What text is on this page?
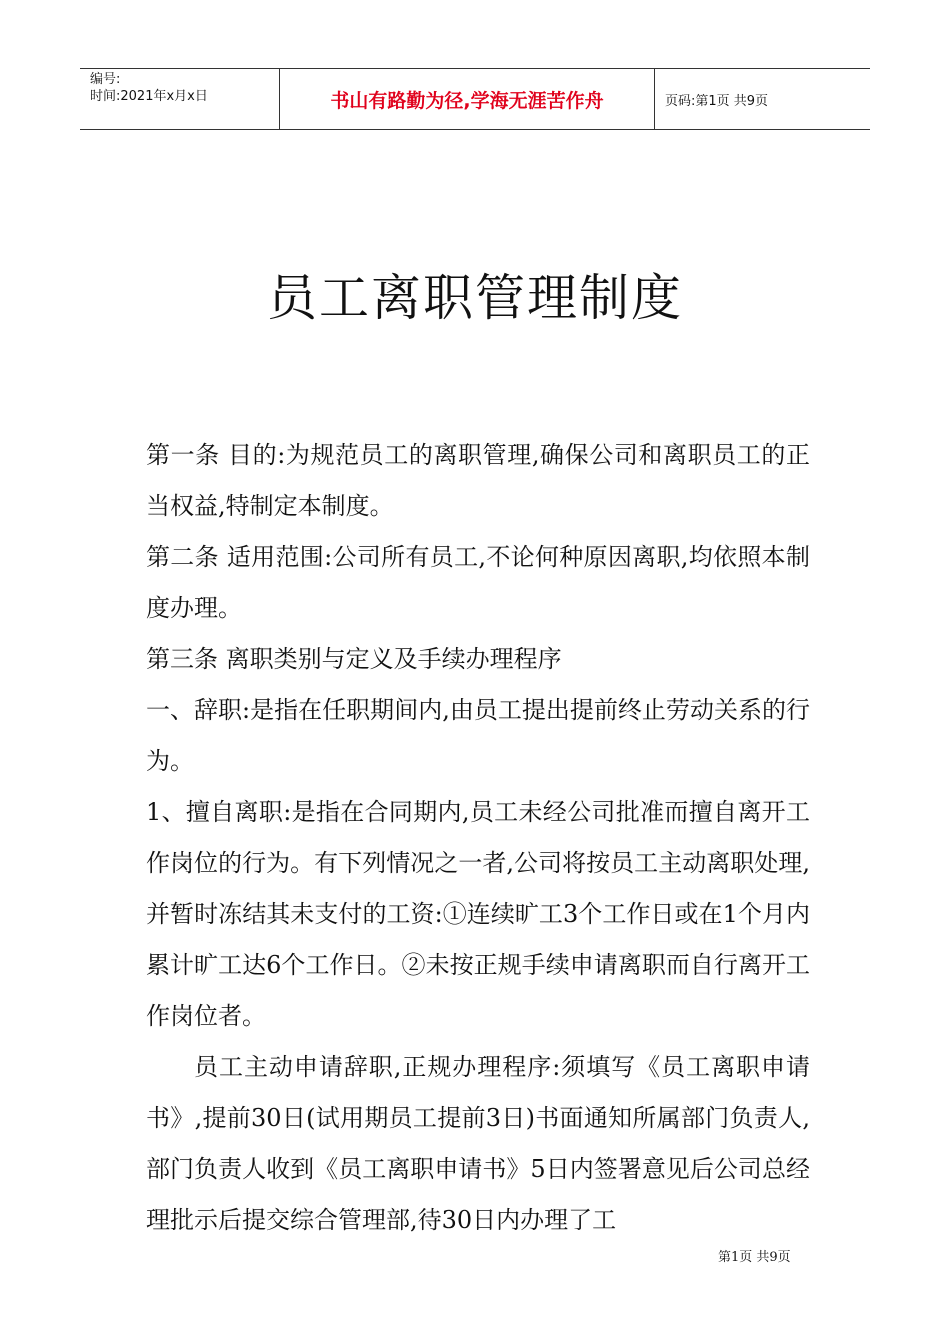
编号:
时间:2021年x月x日	书山有路勤为径,学海无涯苦作舟	页码:第1页 共9页
员工离职管理制度

第一条 目的:为规范员工的离职管理,确保公司和离职员工的正当权益,特制定本制度。

第二条 适用范围:公司所有员工,不论何种原因离职,均依照本制度办理。

第三条 离职类别与定义及手续办理程序

一、辞职:是指在任职期间内,由员工提出提前终止劳动关系的行为。

1、擅自离职:是指在合同期内,员工未经公司批准而擅自离开工作岗位的行为。有下列情况之一者,公司将按员工主动离职处理,并暂时冻结其未支付的工资:①连续旷工3个工作日或在1个月内累计旷工达6个工作日。②未按正规手续申请离职而自行离开工作岗位者。

员工主动申请辞职,正规办理程序:须填写《员工离职申请书》,提前30日(试用期员工提前3日)书面通知所属部门负责人,部门负责人收到《员工离职申请书》5日内签署意见后公司总经理批示后提交综合管理部,待30日内办理了工

第1页 共9页
